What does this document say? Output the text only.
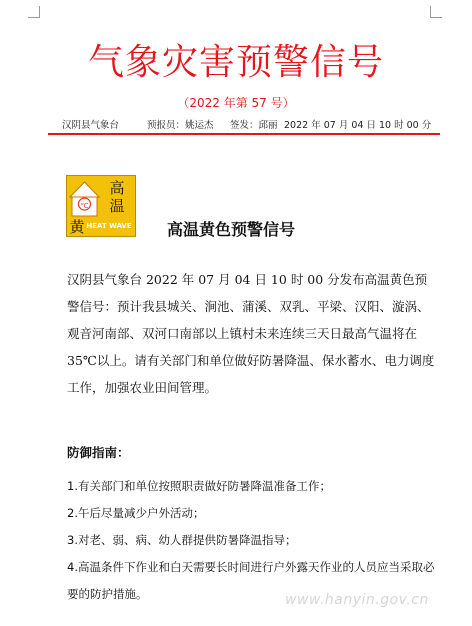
气象灾害预警信号
（2022 年第 57 号）
汉阴县气象台	预报员：姚运杰 签发：邱丽 2022 年 07 月 04 日 10 时 00 分
℃
高
温
黄 HEAT WAVE 高温黄色预警信号

汉阴县气象台 2022 年 07 月 04 日 10 时 00 分发布高温黄色预警信号：预计我县城关、涧池、蒲溪、双乳、平梁、汉阳、漩涡、观音河南部、双河口南部以上镇村未来连续三天日最高气温将在 35℃以上。请有关部门和单位做好防暑降温、保水蓄水、电力调度工作，加强农业田间管理。

防御指南：
1.有关部门和单位按照职责做好防暑降温准备工作；
2.午后尽量减少户外活动；
3.对老、弱、病、幼人群提供防暑降温指导；
4.高温条件下作业和白天需要长时间进行户外露天作业的人员应当采取必要的防护措施。	www.hanyin.gov.cn
